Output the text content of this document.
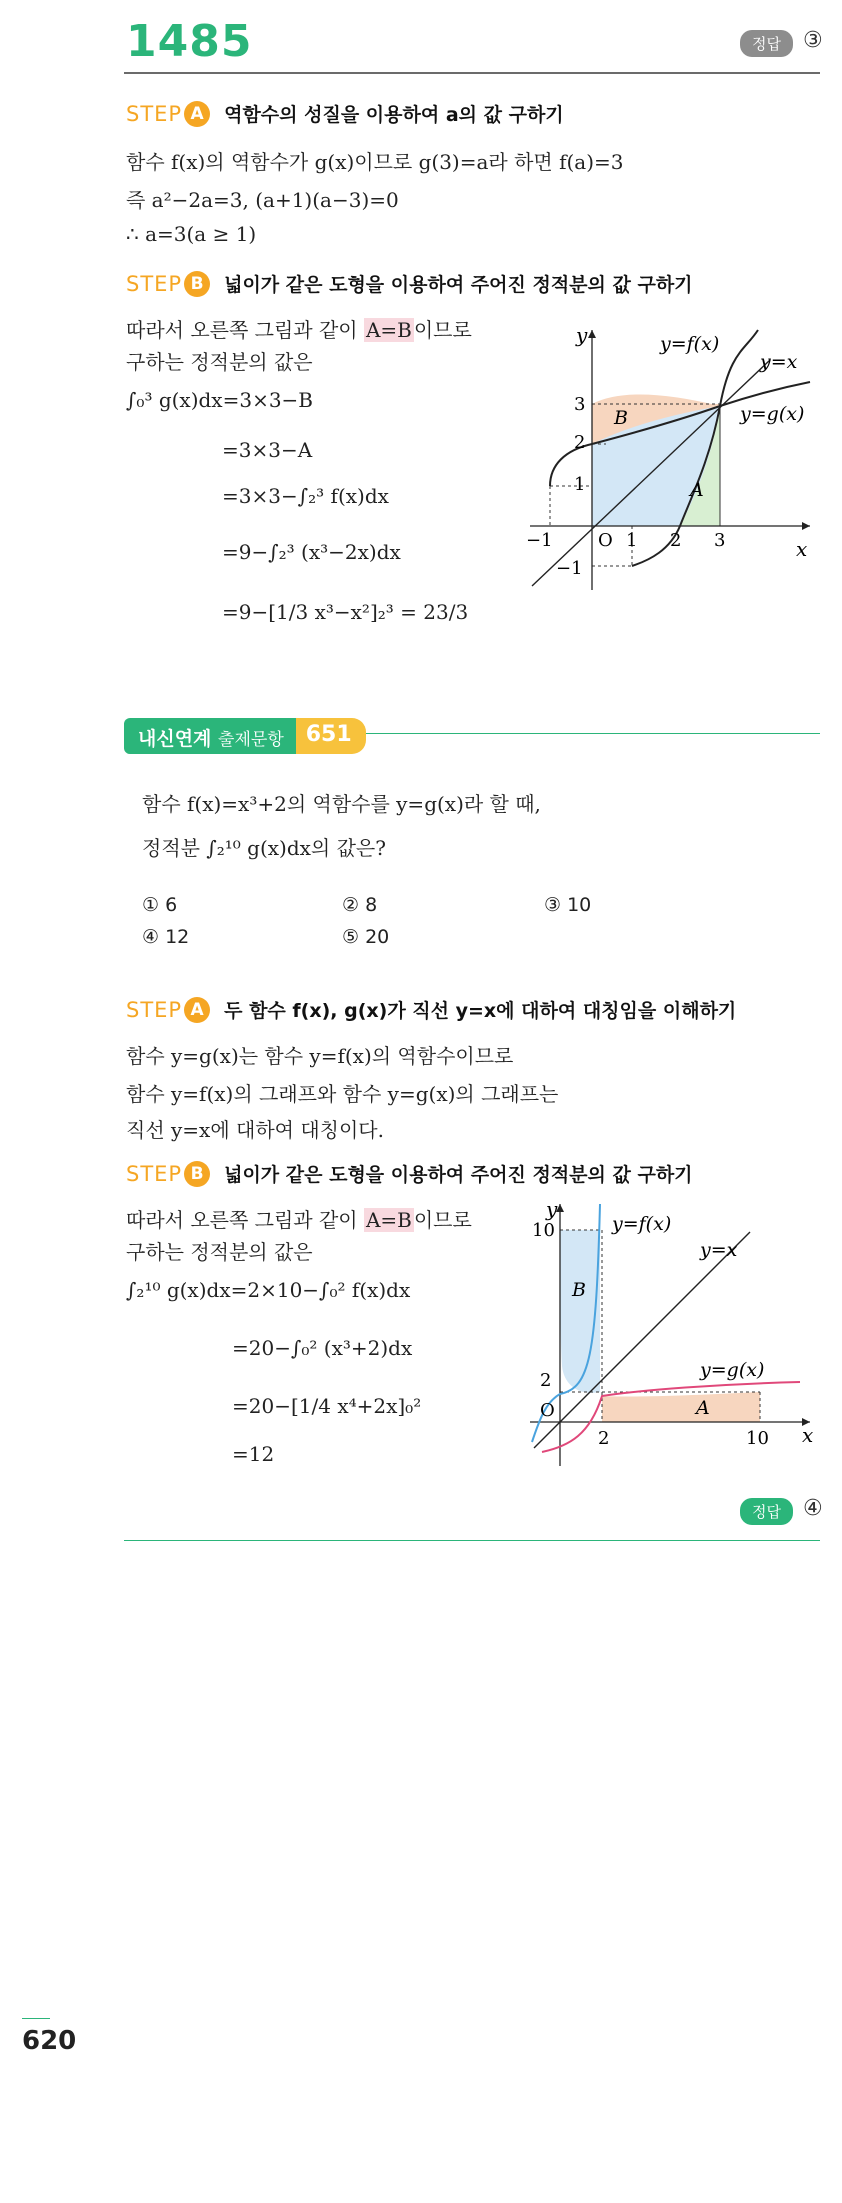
1485	정답	③
STEP A	역함수의 성질을 이용하여 a의 값 구하기
함수 f(x)의 역함수가 g(x)이므로 g(3)=a라 하면 f(a)=3
즉 a²−2a=3, (a+1)(a−3)=0
∴ a=3(a ≥ 1)
STEP B	넓이가 같은 도형을 이용하여 주어진 정적분의 값 구하기
따라서 오른쪽 그림과 같이 A=B 이므로
구하는 정적분의 값은
∫₀³ g(x)dx=3×3−B
=3×3−A
=3×3−∫₂³ f(x)dx
=9−∫₂³ (x³−2x)dx
=9−[1/3 x³−x²]₂³ = 23/3
y
x
y=f(x)
y=x
y=g(x)
B
A
O
−1	1 2 3
3
2
1
−1
내신연계 출제문항	651
함수 f(x)=x³+2의 역함수를 y=g(x)라 할 때,
정적분 ∫₂¹⁰ g(x)dx의 값은?
① 6	② 8	③ 10
④ 12	⑤ 20
STEP A	두 함수 f(x), g(x)가 직선 y=x에 대하여 대칭임을 이해하기
함수 y=g(x)는 함수 y=f(x)의 역함수이므로
함수 y=f(x)의 그래프와 함수 y=g(x)의 그래프는
직선 y=x에 대하여 대칭이다.
STEP B	넓이가 같은 도형을 이용하여 주어진 정적분의 값 구하기
따라서 오른쪽 그림과 같이 A=B 이므로
구하는 정적분의 값은
∫₂¹⁰ g(x)dx=2×10−∫₀² f(x)dx
=20−∫₀² (x³+2)dx
=20−[1/4 x⁴+2x]₀²
=12
y
x
y=f(x)
y=x
y=g(x)
B
A
O
2	10
10
2
정답	④
620
